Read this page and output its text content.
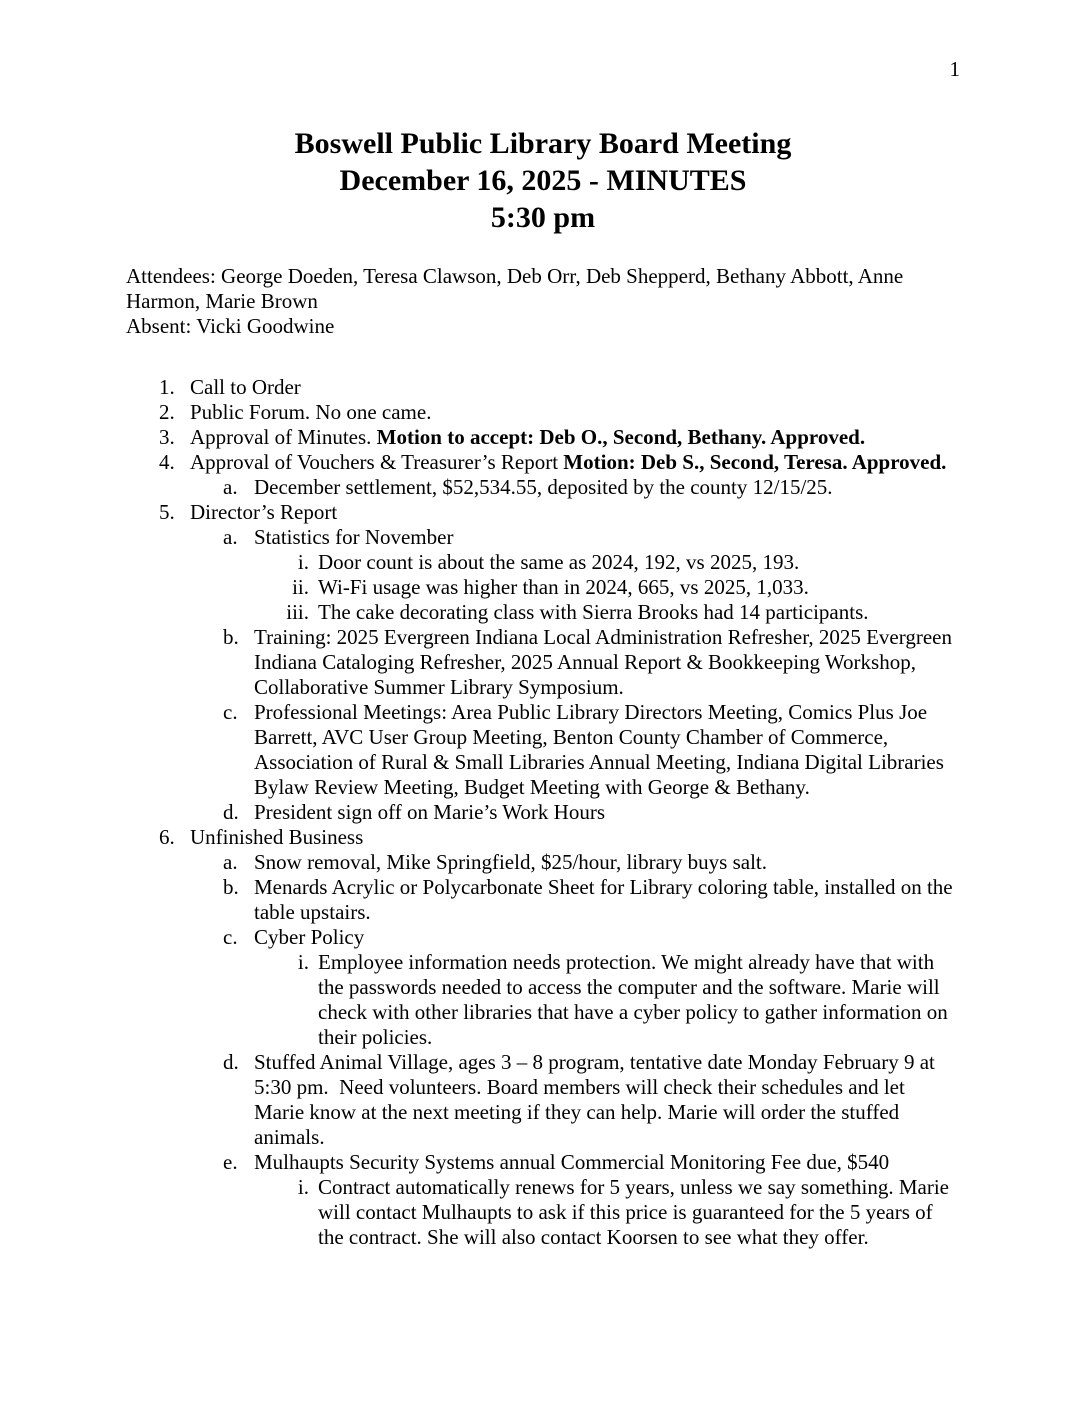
1
Boswell Public Library Board Meeting
December 16, 2025 - MINUTES
5:30 pm
Attendees: George Doeden, Teresa Clawson, Deb Orr, Deb Shepperd, Bethany Abbott, Anne Harmon, Marie Brown
Absent: Vicki Goodwine
1. Call to Order
2. Public Forum. No one came.
3. Approval of Minutes. Motion to accept: Deb O., Second, Bethany. Approved.
4. Approval of Vouchers & Treasurer’s Report Motion: Deb S., Second, Teresa. Approved.
a. December settlement, $52,534.55, deposited by the county 12/15/25.
5. Director’s Report
a. Statistics for November
i. Door count is about the same as 2024, 192, vs 2025, 193.
ii. Wi-Fi usage was higher than in 2024, 665, vs 2025, 1,033.
iii. The cake decorating class with Sierra Brooks had 14 participants.
b. Training: 2025 Evergreen Indiana Local Administration Refresher, 2025 Evergreen Indiana Cataloging Refresher, 2025 Annual Report & Bookkeeping Workshop, Collaborative Summer Library Symposium.
c. Professional Meetings: Area Public Library Directors Meeting, Comics Plus Joe Barrett, AVC User Group Meeting, Benton County Chamber of Commerce, Association of Rural & Small Libraries Annual Meeting, Indiana Digital Libraries Bylaw Review Meeting, Budget Meeting with George & Bethany.
d. President sign off on Marie’s Work Hours
6. Unfinished Business
a. Snow removal, Mike Springfield, $25/hour, library buys salt.
b. Menards Acrylic or Polycarbonate Sheet for Library coloring table, installed on the table upstairs.
c. Cyber Policy
i. Employee information needs protection. We might already have that with the passwords needed to access the computer and the software. Marie will check with other libraries that have a cyber policy to gather information on their policies.
d. Stuffed Animal Village, ages 3 – 8 program, tentative date Monday February 9 at 5:30 pm.  Need volunteers. Board members will check their schedules and let Marie know at the next meeting if they can help. Marie will order the stuffed animals.
e. Mulhaupts Security Systems annual Commercial Monitoring Fee due, $540
i. Contract automatically renews for 5 years, unless we say something. Marie will contact Mulhaupts to ask if this price is guaranteed for the 5 years of the contract. She will also contact Koorsen to see what they offer.
